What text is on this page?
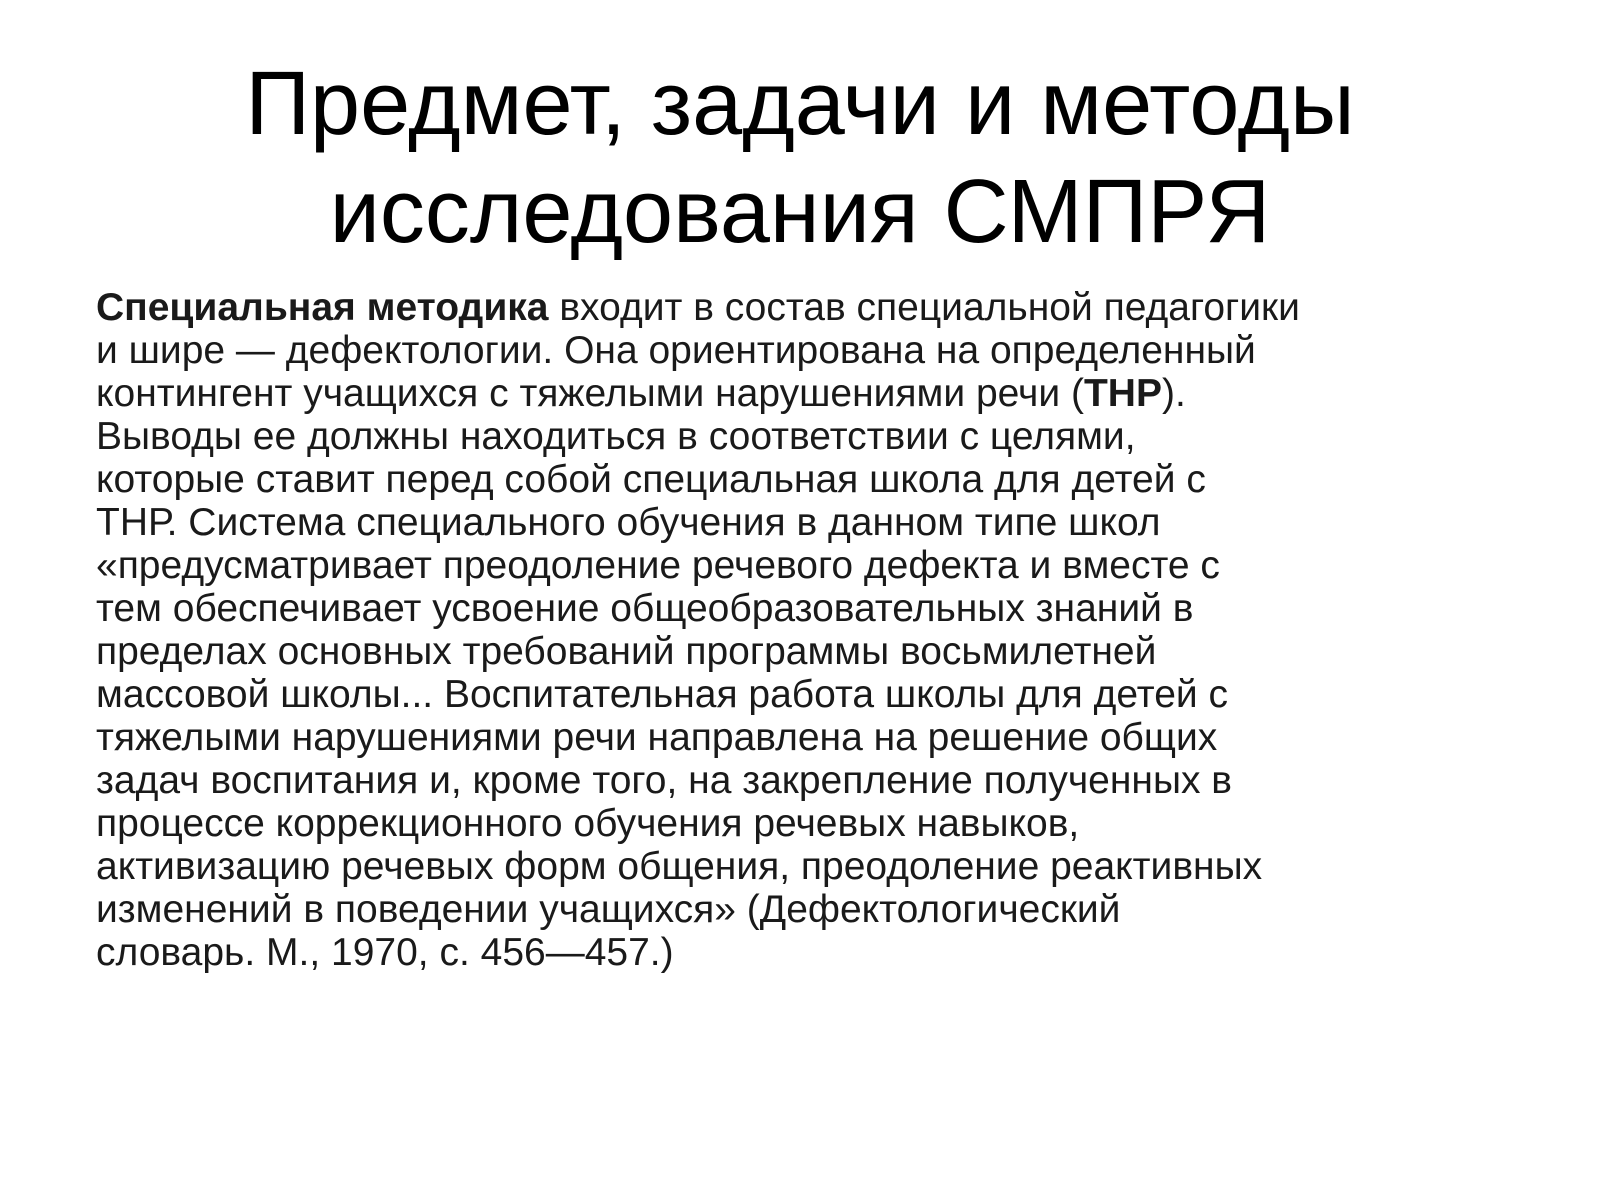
Предмет, задачи и методы
исследования СМПРЯ

Специальная методика входит в состав специальной педагогики
и шире — дефектологии. Она ориентирована на определенный
контингент учащихся с тяжелыми нарушениями речи (ТНР).
Выводы ее должны находиться в соответствии с целями,
которые ставит перед собой специальная школа для детей с
ТНР. Система специального обучения в данном типе школ
«предусматривает преодоление речевого дефекта и вместе с
тем обеспечивает усвоение общеобразовательных знаний в
пределах основных требований программы восьмилетней
массовой школы... Воспитательная работа школы для детей с
тяжелыми нарушениями речи направлена на решение общих
задач воспитания и, кроме того, на закрепление полученных в
процессе коррекционного обучения речевых навыков,
активизацию речевых форм общения, преодоление реактивных
изменений в поведении учащихся» (Дефектологический
словарь. М., 1970, с. 456—457.)
